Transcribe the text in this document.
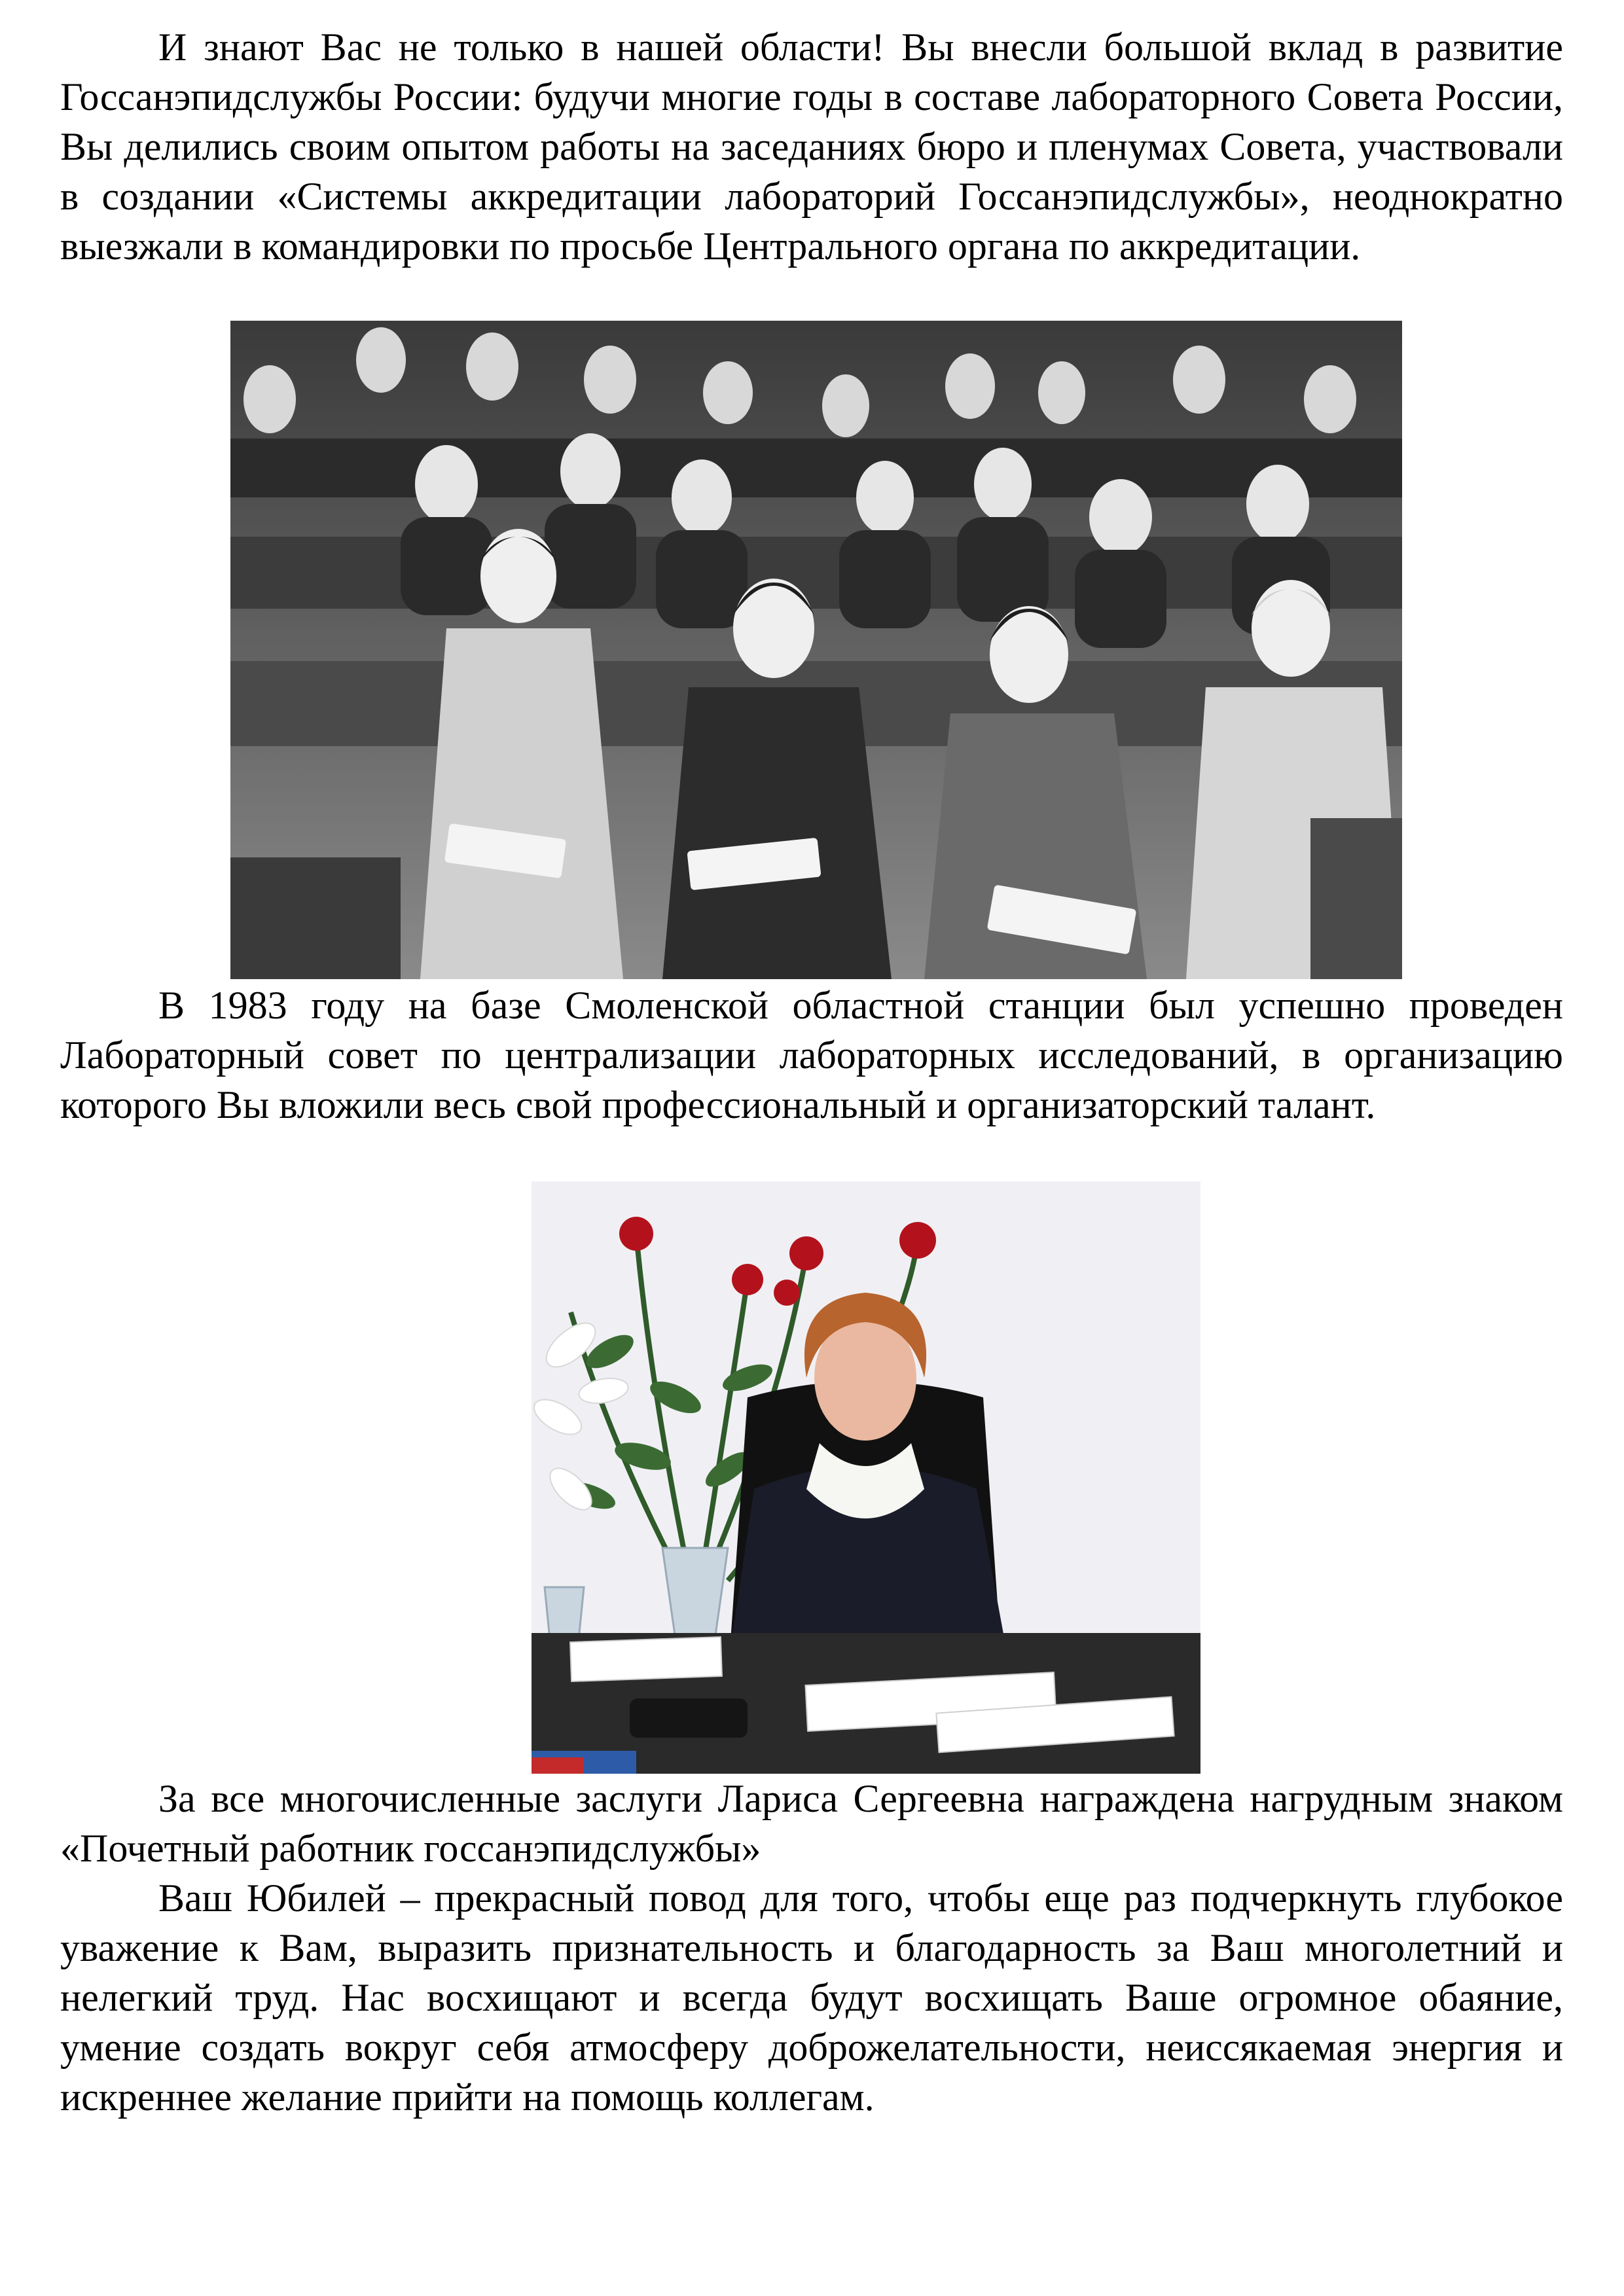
И знают Вас не только в нашей области! Вы внесли большой вклад в развитие Госсанэпидслужбы России: будучи многие годы в составе лабораторного Совета России, Вы делились своим опытом работы на заседаниях бюро и пленумах Совета, участвовали в создании «Системы аккредитации лабораторий Госсанэпидслужбы», неоднократно выезжали в командировки по просьбе Центрального органа по аккредитации.

В 1983 году на базе Смоленской областной станции был успешно проведен Лабораторный совет по централизации лабораторных исследований, в организацию которого Вы вложили весь свой профессиональный и организаторский талант.

За все многочисленные заслуги Лариса Сергеевна награждена нагрудным знаком «Почетный работник госсанэпидслужбы»

Ваш Юбилей – прекрасный повод для того, чтобы еще раз подчеркнуть глубокое уважение к Вам, выразить признательность и благодарность за Ваш многолетний и нелегкий труд. Нас восхищают и всегда будут восхищать Ваше огромное обаяние, умение создать вокруг себя атмосферу доброжелательности, неиссякаемая энергия и искреннее желание прийти на помощь коллегам.
